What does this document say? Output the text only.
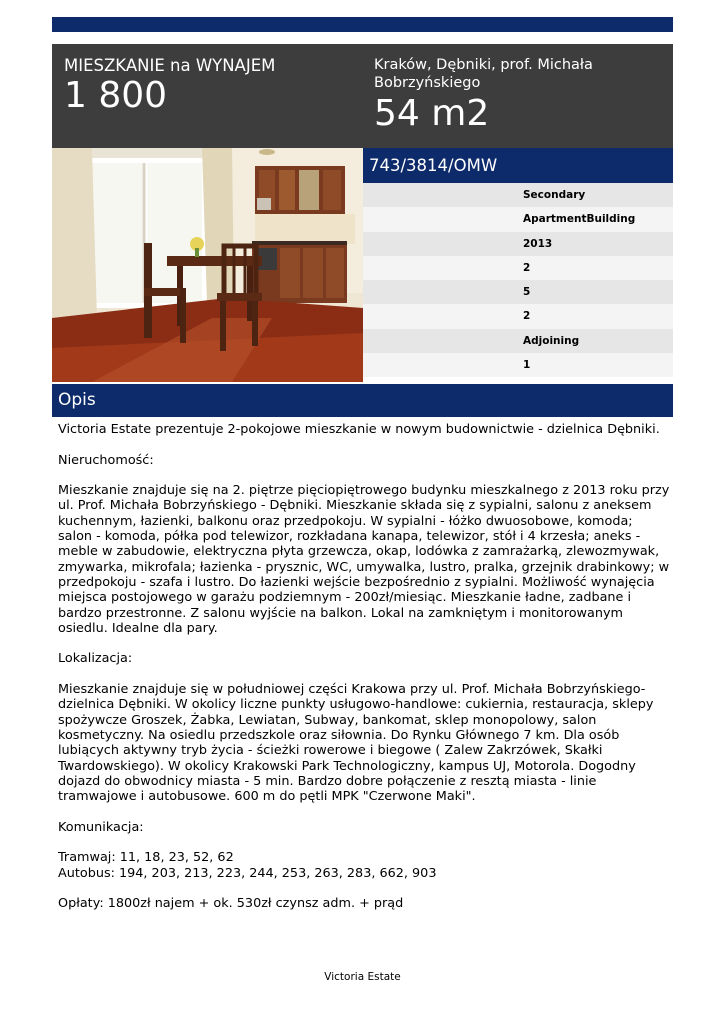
MIESZKANIE na WYNAJEM
1 800
Kraków, Dębniki, prof. Michała Bobrzyńskiego
54 m2
743/3814/OMW
Secondary
ApartmentBuilding
2013
2
5
2
Adjoining
1
Opis

Victoria Estate prezentuje 2-pokojowe mieszkanie w nowym budownictwie - dzielnica Dębniki.

Nieruchomość:

Mieszkanie znajduje się na 2. piętrze pięciopiętrowego budynku mieszkalnego z 2013 roku przy ul. Prof. Michała Bobrzyńskiego - Dębniki. Mieszkanie składa się z sypialni, salonu z aneksem kuchennym, łazienki, balkonu oraz przedpokoju. W sypialni - łóżko dwuosobowe, komoda; salon - komoda, półka pod telewizor, rozkładana kanapa, telewizor, stół i 4 krzesła; aneks - meble w zabudowie, elektryczna płyta grzewcza, okap, lodówka z zamrażarką, zlewozmywak, zmywarka, mikrofala; łazienka - prysznic, WC, umywalka, lustro, pralka, grzejnik drabinkowy; w przedpokoju - szafa i lustro. Do łazienki wejście bezpośrednio z sypialni. Możliwość wynajęcia miejsca postojowego w garażu podziemnym - 200zł/miesiąc. Mieszkanie ładne, zadbane i bardzo przestronne. Z salonu wyjście na balkon. Lokal na zamkniętym i monitorowanym osiedlu. Idealne dla pary.

Lokalizacja:

Mieszkanie znajduje się w południowej części Krakowa przy ul. Prof. Michała Bobrzyńskiego- dzielnica Dębniki. W okolicy liczne punkty usługowo-handlowe: cukiernia, restauracja, sklepy spożywcze Groszek, Żabka, Lewiatan, Subway, bankomat, sklep monopolowy, salon kosmetyczny. Na osiedlu przedszkole oraz siłownia. Do Rynku Głównego 7 km. Dla osób lubiących aktywny tryb życia - ścieżki rowerowe i biegowe ( Zalew Zakrzówek, Skałki Twardowskiego). W okolicy Krakowski Park Technologiczny, kampus UJ, Motorola. Dogodny dojazd do obwodnicy miasta - 5 min. Bardzo dobre połączenie z resztą miasta - linie tramwajowe i autobusowe. 600 m do pętli MPK "Czerwone Maki".

Komunikacja:

Tramwaj: 11, 18, 23, 52, 62
Autobus: 194, 203, 213, 223, 244, 253, 263, 283, 662, 903

Opłaty: 1800zł najem + ok. 530zł czynsz adm. + prąd

Victoria Estate
